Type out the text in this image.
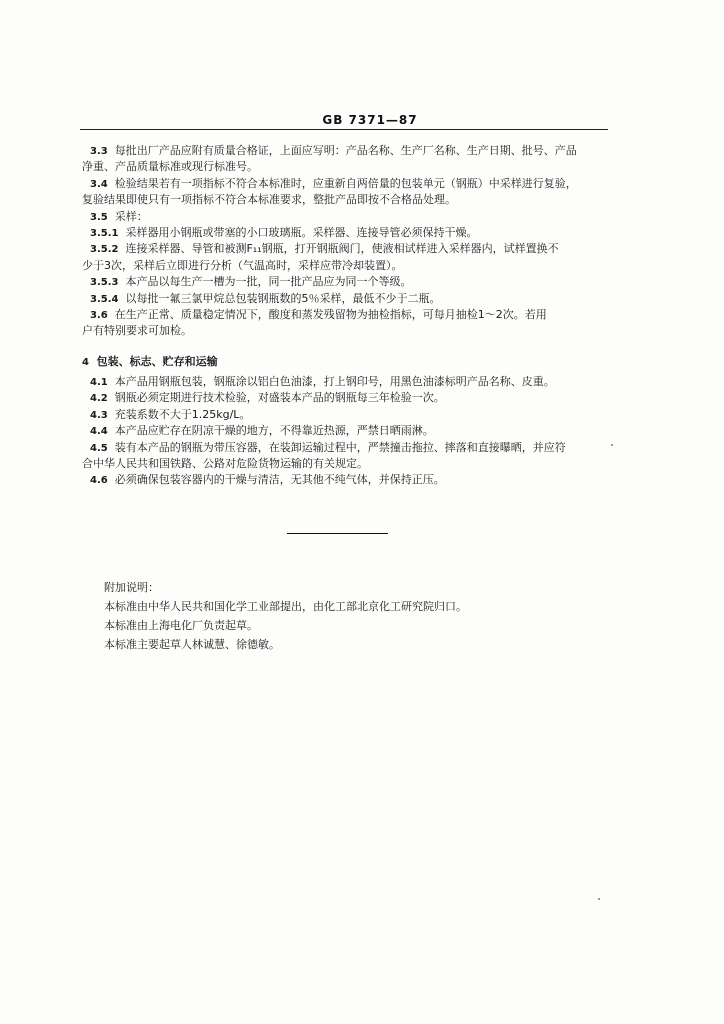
GB 7371—87
3.3 每批出厂产品应附有质量合格证，上面应写明：产品名称、生产厂名称、生产日期、批号、产品
净重、产品质量标准或现行标准号。
3.4 检验结果若有一项指标不符合本标准时，应重新自两倍量的包装单元（钢瓶）中采样进行复验，
复验结果即使只有一项指标不符合本标准要求，整批产品即按不合格品处理。
3.5 采样：
3.5.1 采样器用小钢瓶或带塞的小口玻璃瓶。采样器、连接导管必须保持干燥。
3.5.2 连接采样器、导管和被测F₁₁钢瓶，打开钢瓶阀门，使液相试样进入采样器内，试样置换不
少于3次，采样后立即进行分析（气温高时，采样应带冷却装置）。
3.5.3 本产品以每生产一槽为一批，同一批产品应为同一个等级。
3.5.4 以每批一氟三氯甲烷总包装钢瓶数的5％采样，最低不少于二瓶。
3.6 在生产正常、质量稳定情况下，酸度和蒸发残留物为抽检指标，可每月抽检1～2次。若用
户有特别要求可加检。
4 包装、标志、贮存和运输
4.1 本产品用钢瓶包装，钢瓶涂以铝白色油漆，打上钢印号，用黑色油漆标明产品名称、皮重。
4.2 钢瓶必须定期进行技术检验，对盛装本产品的钢瓶每三年检验一次。
4.3 充装系数不大于1.25kg/L。
4.4 本产品应贮存在阴凉干燥的地方，不得靠近热源，严禁日晒雨淋。
4.5 装有本产品的钢瓶为带压容器，在装卸运输过程中，严禁撞击拖拉、摔落和直接曝晒，并应符
合中华人民共和国铁路、公路对危险货物运输的有关规定。
4.6 必须确保包装容器内的干燥与清洁，无其他不纯气体，并保持正压。
附加说明：
本标准由中华人民共和国化学工业部提出，由化工部北京化工研究院归口。
本标准由上海电化厂负责起草。
本标准主要起草人林诚慧、徐德敏。
